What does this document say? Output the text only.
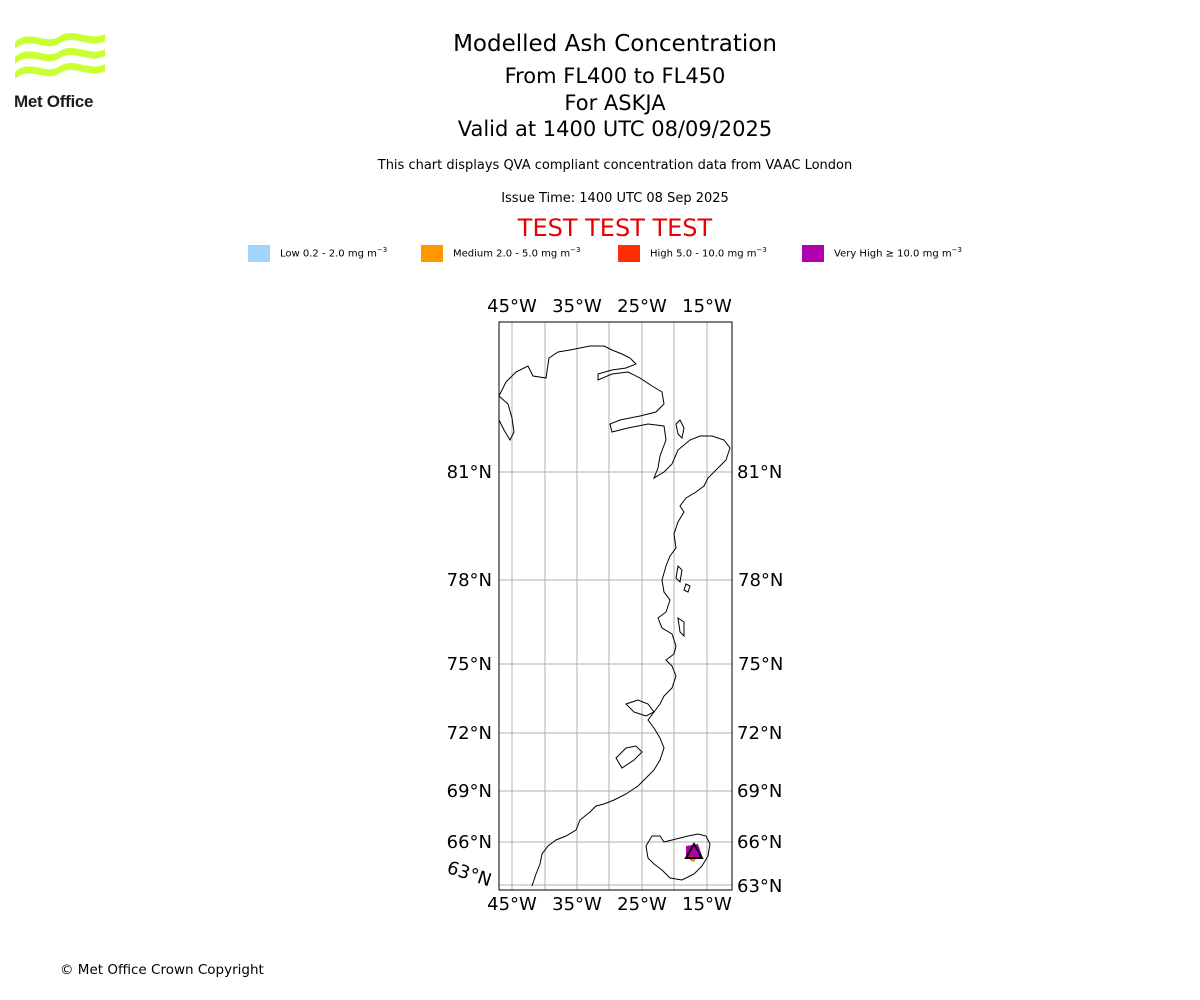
Met Office
Modelled Ash Concentration
From FL400 to FL450
For ASKJA
Valid at 1400 UTC 08/09/2025
This chart displays QVA compliant concentration data from VAAC London
Issue Time: 1400 UTC 08 Sep 2025
TEST TEST TEST
Low 0.2 - 2.0 mg $m^{-3}$	Medium 2.0 - 5.0 mg $m^{-3}$	High 5.0 - 10.0 mg $m^{-3}$	Very High ≥ 10.0 mg $m^{-3}$
45°W 35°W 25°W 15°W
45°W 35°W 25°W 15°W
81°N
78°N
75°N
72°N
69°N
66°N
63°N
81°N
78°N
75°N
72°N
69°N
66°N
63°N
© Met Office Crown Copyright
